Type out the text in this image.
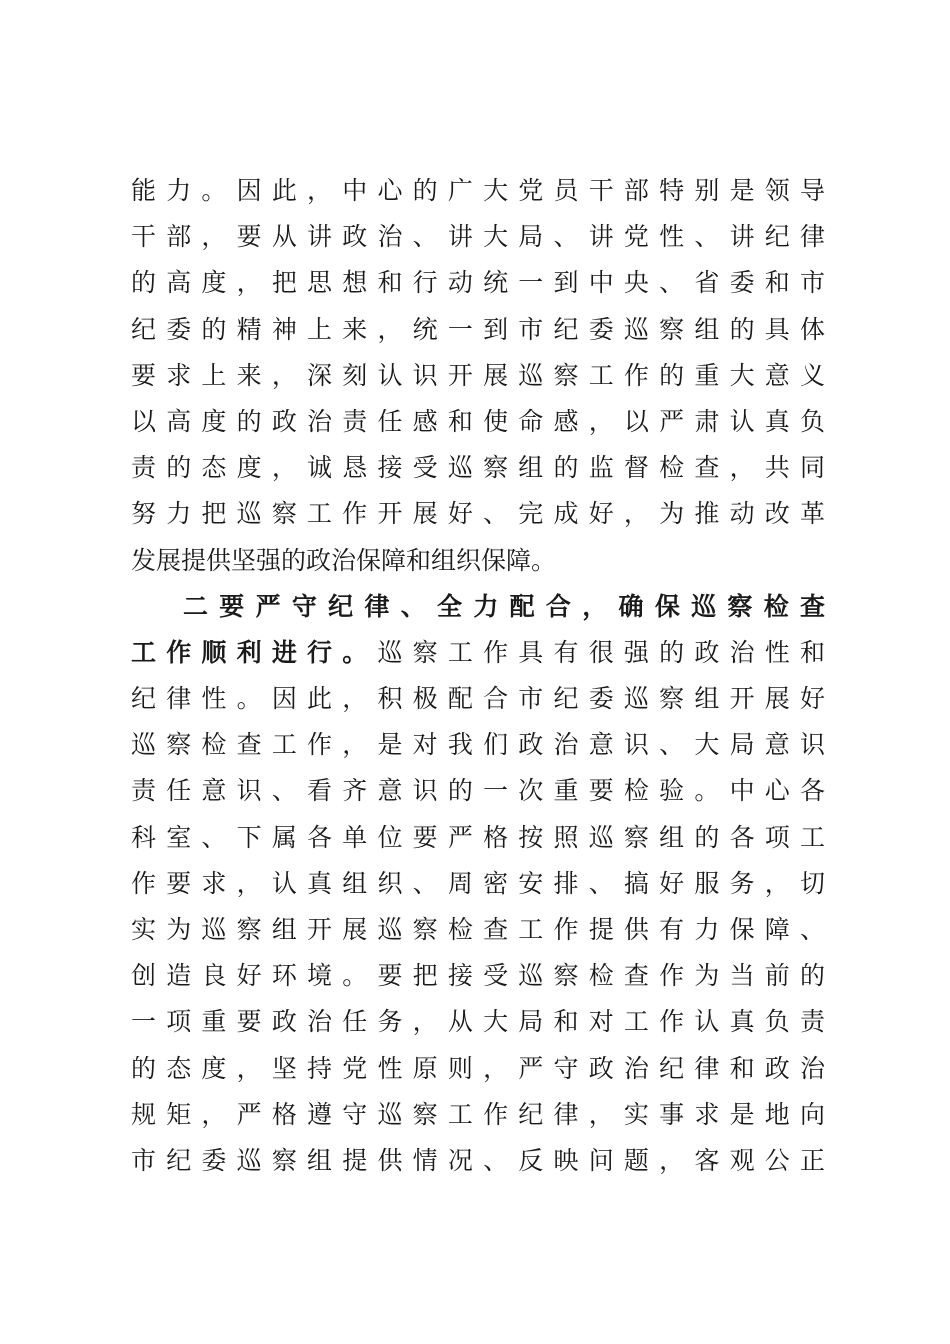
能力。因此，中心的广大党员干部特别是领导
干部，要从讲政治、讲大局、讲党性、讲纪律
的高度，把思想和行动统一到中央、省委和市
纪委的精神上来，统一到市纪委巡察组的具体
要求上来，深刻认识开展巡察工作的重大意义
以高度的政治责任感和使命感，以严肃认真负
责的态度，诚恳接受巡察组的监督检查，共同
努力把巡察工作开展好、完成好，为推动改革
发展提供坚强的政治保障和组织保障。
二要严守纪律、全力配合，确保巡察检查
工作顺利进行。巡察工作具有很强的政治性和
纪律性。因此，积极配合市纪委巡察组开展好
巡察检查工作，是对我们政治意识、大局意识
责任意识、看齐意识的一次重要检验。中心各
科室、下属各单位要严格按照巡察组的各项工
作要求，认真组织、周密安排、搞好服务，切
实为巡察组开展巡察检查工作提供有力保障、
创造良好环境。要把接受巡察检查作为当前的
一项重要政治任务，从大局和对工作认真负责
的态度，坚持党性原则，严守政治纪律和政治
规矩，严格遵守巡察工作纪律，实事求是地向
市纪委巡察组提供情况、反映问题，客观公正
